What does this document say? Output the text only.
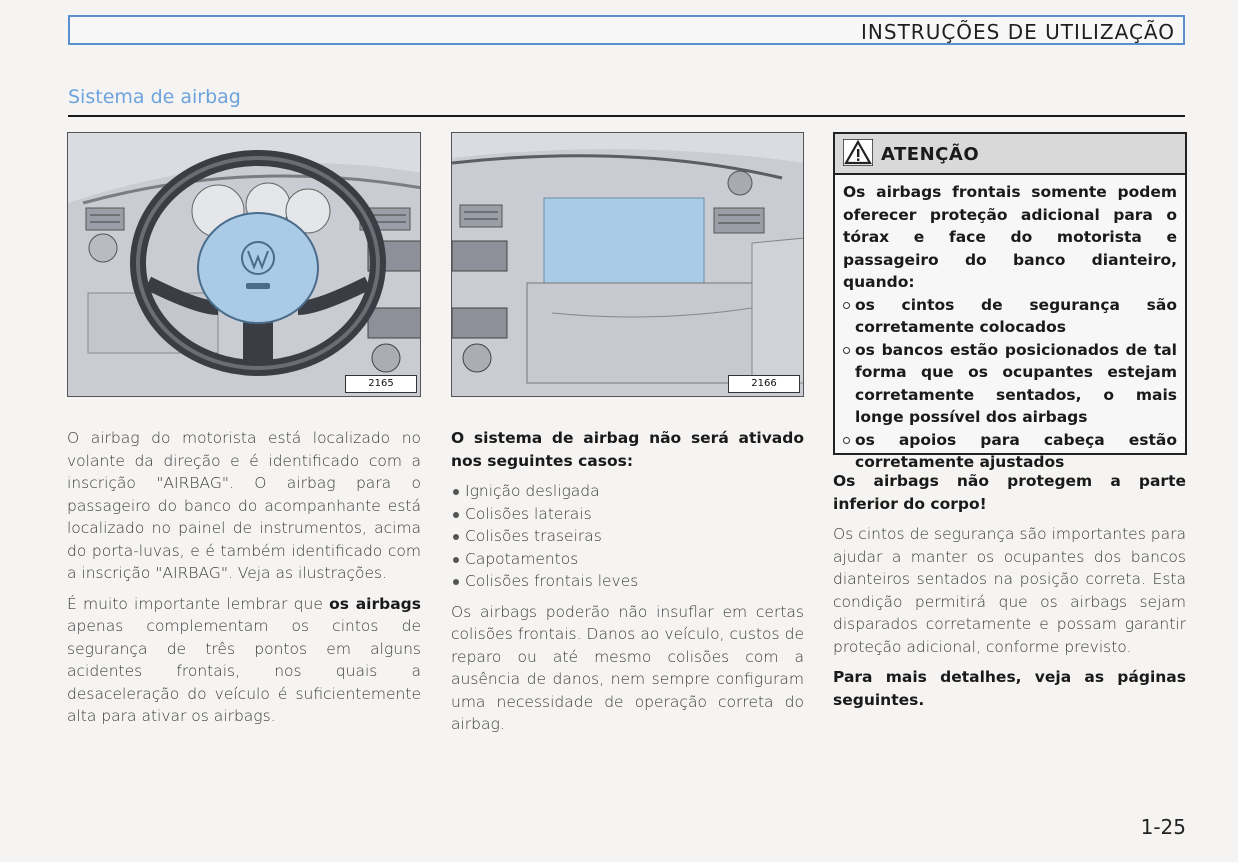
INSTRUÇÕES DE UTILIZAÇÃO
Sistema de airbag
2165	2166

O airbag do motorista está localizado no volante da direção e é identificado com a inscrição "AIRBAG". O airbag para o passageiro do banco do acompanhante está localizado no painel de instrumentos, acima do porta-luvas, e é também identificado com a inscrição "AIRBAG". Veja as ilustrações.

É muito importante lembrar que os airbags apenas complementam os cintos de segurança de três pontos em alguns acidentes frontais, nos quais a desaceleração do veículo é suficientemente alta para ativar os airbags.

O sistema de airbag não será ativado nos seguintes casos:

Ignição desligada
Colisões laterais
Colisões traseiras
Capotamentos
Colisões frontais leves

Os airbags poderão não insuflar em certas colisões frontais. Danos ao veículo, custos de reparo ou até mesmo colisões com a ausência de danos, nem sempre configuram uma necessidade de operação correta do airbag.

ATENÇÃO

Os airbags frontais somente podem oferecer proteção adicional para o tórax e face do motorista e passageiro do banco dianteiro, quando:

os cintos de segurança são corretamente colocados
os bancos estão posicionados de tal forma que os ocupantes estejam corretamente sentados, o mais longe possível dos airbags
os apoios para cabeça estão corretamente ajustados

Os airbags não protegem a parte inferior do corpo!

Os cintos de segurança são importantes para ajudar a manter os ocupantes dos bancos dianteiros sentados na posição correta. Esta condição permitirá que os airbags sejam disparados corretamente e possam garantir proteção adicional, conforme previsto.

Para mais detalhes, veja as páginas seguintes.

1-25
